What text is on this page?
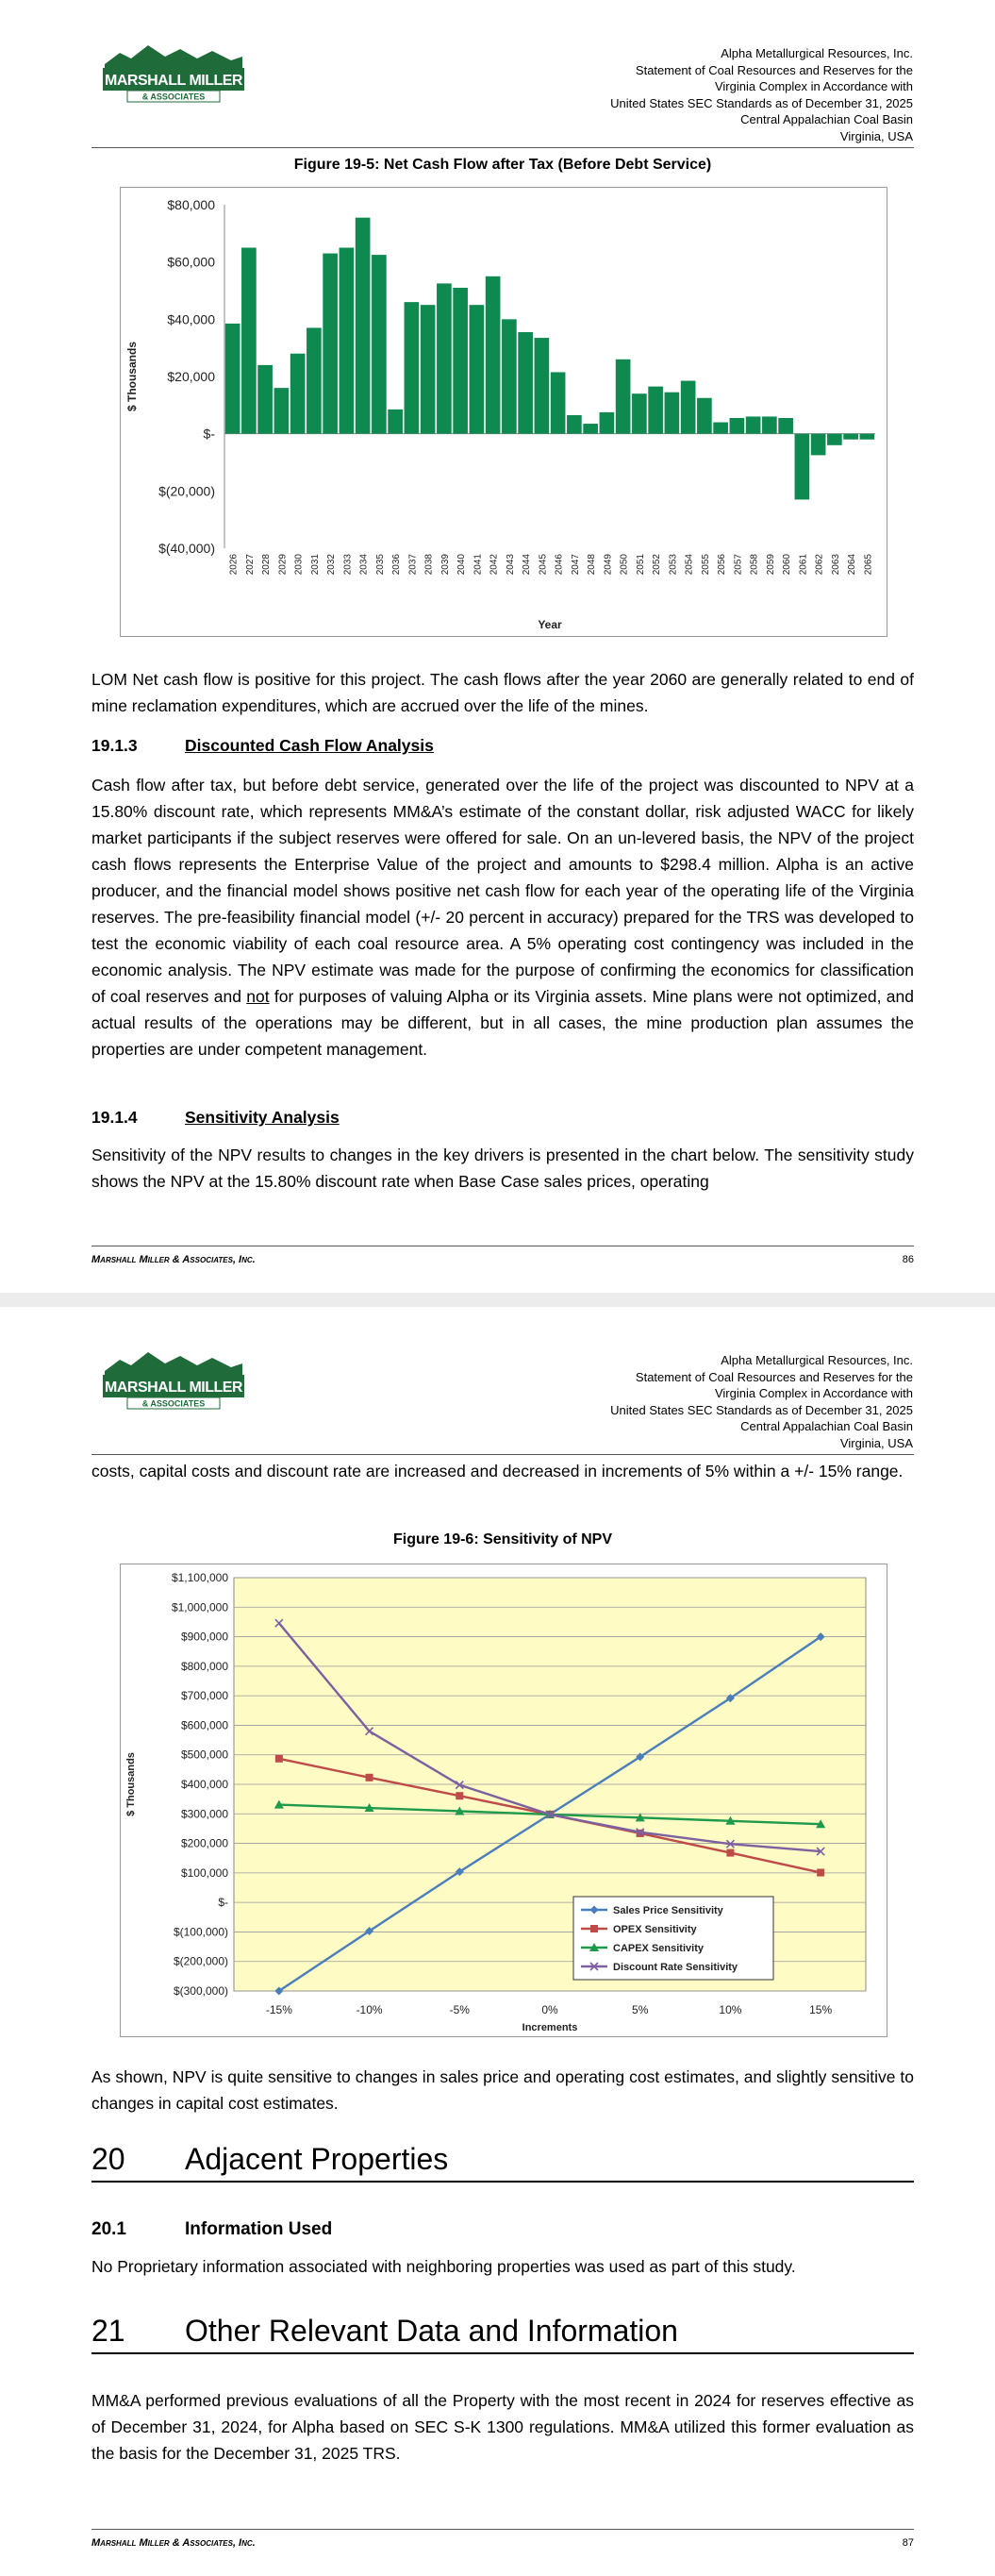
MARSHALL MILLER
& ASSOCIATES
Alpha Metallurgical Resources, Inc.
Statement of Coal Resources and Reserves for the
Virginia Complex in Accordance with
United States SEC Standards as of December 31, 2025
Central Appalachian Coal Basin
Virginia, USA
Figure 19-5: Net Cash Flow after Tax (Before Debt Service)
$80,000
$60,000
$40,000
$20,000
$-
$(20,000)
$(40,000)
2026 2027 2028 2029 2030 2031 2032 2033 2034 2035 2036 2037 2038 2039 2040 2041 2042 2043 2044 2045 2046 2047 2048 2049 2050 2051 2052 2053 2054 2055 2056 2057 2058 2059 2060 2061 2062 2063 2064 2065
Year
$ Thousands
LOM Net cash flow is positive for this project. The cash flows after the year 2060 are generally related to end of mine reclamation expenditures, which are accrued over the life of the mines.
19.1.3	Discounted Cash Flow Analysis
Cash flow after tax, but before debt service, generated over the life of the project was discounted to NPV at a 15.80% discount rate, which represents MM&A’s estimate of the constant dollar, risk adjusted WACC for likely market participants if the subject reserves were offered for sale. On an un-levered basis, the NPV of the project cash flows represents the Enterprise Value of the project and amounts to $298.4 million. Alpha is an active producer, and the financial model shows positive net cash flow for each year of the operating life of the Virginia reserves. The pre-feasibility financial model (+/- 20 percent in accuracy) prepared for the TRS was developed to test the economic viability of each coal resource area. A 5% operating cost contingency was included in the economic analysis. The NPV estimate was made for the purpose of confirming the economics for classification of coal reserves and not for purposes of valuing Alpha or its Virginia assets. Mine plans were not optimized, and actual results of the operations may be different, but in all cases, the mine production plan assumes the properties are under competent management.
19.1.4	Sensitivity Analysis
Sensitivity of the NPV results to changes in the key drivers is presented in the chart below. The sensitivity study shows the NPV at the 15.80% discount rate when Base Case sales prices, operating
Marshall Miller & Associates, Inc.	86
MARSHALL MILLER
& ASSOCIATES
Alpha Metallurgical Resources, Inc.
Statement of Coal Resources and Reserves for the
Virginia Complex in Accordance with
United States SEC Standards as of December 31, 2025
Central Appalachian Coal Basin
Virginia, USA
costs, capital costs and discount rate are increased and decreased in increments of 5% within a +/- 15% range.
Figure 19-6: Sensitivity of NPV
$1,100,000
$1,000,000
$900,000
$800,000
$700,000
$600,000
$500,000
$400,000
$300,000
$200,000
$100,000
$-
$(100,000)
$(200,000)
$(300,000)
-15%	-10%	-5%	0%	5%	10%	15%
Increments
$ Thousands
Sales Price Sensitivity
OPEX Sensitivity
CAPEX Sensitivity
Discount Rate Sensitivity
As shown, NPV is quite sensitive to changes in sales price and operating cost estimates, and slightly sensitive to changes in capital cost estimates.
20 Adjacent Properties
20.1	Information Used
No Proprietary information associated with neighboring properties was used as part of this study.
21 Other Relevant Data and Information
MM&A performed previous evaluations of all the Property with the most recent in 2024 for reserves effective as of December 31, 2024, for Alpha based on SEC S-K 1300 regulations. MM&A utilized this former evaluation as the basis for the December 31, 2025 TRS.
Marshall Miller & Associates, Inc.	87
